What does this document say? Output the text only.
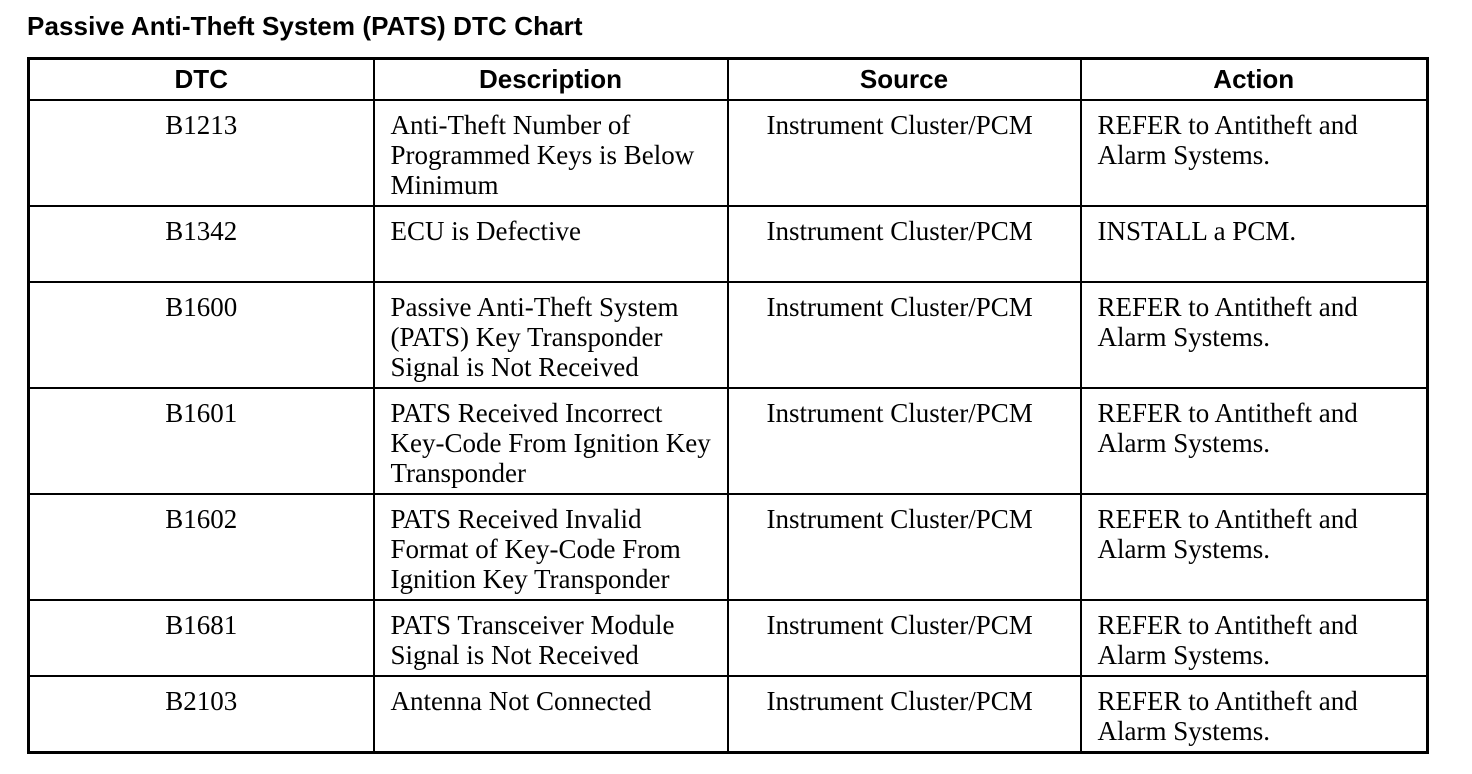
Passive Anti-Theft System (PATS) DTC Chart
DTC	Description	Source	Action
B1213	Anti-Theft Number of Programmed Keys is Below Minimum	Instrument Cluster/PCM	REFER to Antitheft and Alarm Systems.
B1342	ECU is Defective	Instrument Cluster/PCM	INSTALL a PCM.
B1600	Passive Anti-Theft System (PATS) Key Transponder Signal is Not Received	Instrument Cluster/PCM	REFER to Antitheft and Alarm Systems.
B1601	PATS Received Incorrect Key-Code From Ignition Key Transponder	Instrument Cluster/PCM	REFER to Antitheft and Alarm Systems.
B1602	PATS Received Invalid Format of Key-Code From Ignition Key Transponder	Instrument Cluster/PCM	REFER to Antitheft and Alarm Systems.
B1681	PATS Transceiver Module Signal is Not Received	Instrument Cluster/PCM	REFER to Antitheft and Alarm Systems.
B2103	Antenna Not Connected	Instrument Cluster/PCM	REFER to Antitheft and Alarm Systems.
